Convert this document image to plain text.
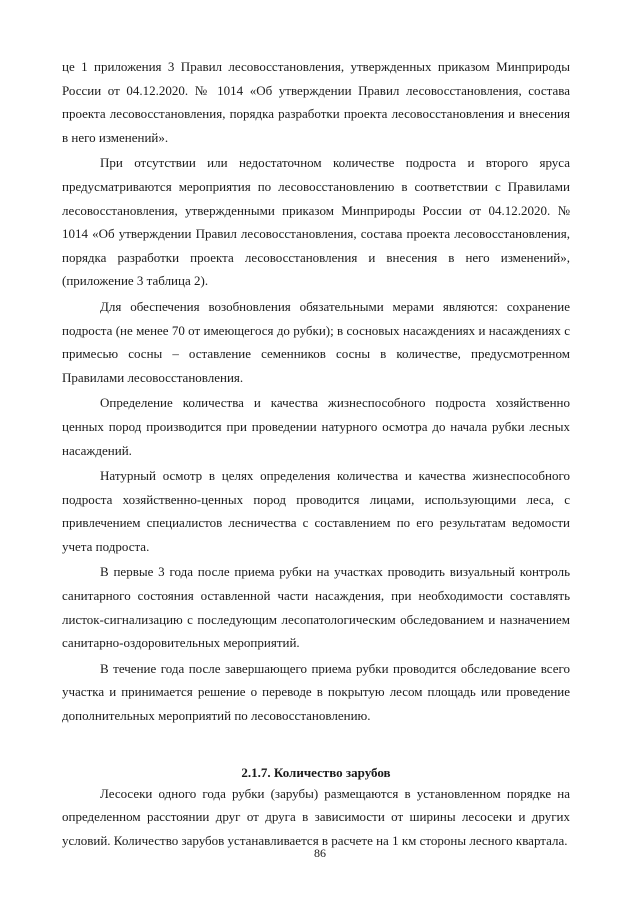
це 1 приложения 3 Правил лесовосстановления, утвержденных приказом Минприроды России от 04.12.2020. № 1014 «Об утверждении Правил лесовосстановления, состава проекта лесовосстановления, порядка разработки проекта лесовосстановления и внесения в него изменений».

При отсутствии или недостаточном количестве подроста и второго яруса предусматриваются мероприятия по лесовосстановлению в соответствии с Правилами лесовосстановления, утвержденными приказом Минприроды России от 04.12.2020. № 1014 «Об утверждении Правил лесовосстановления, состава проекта лесовосстановления, порядка разработки проекта лесовосстановления и внесения в него изменений», (приложение 3 таблица 2).

Для обеспечения возобновления обязательными мерами являются: сохранение подроста (не менее 70 от имеющегося до рубки); в сосновых насаждениях и насаждениях с примесью сосны – оставление семенников сосны в количестве, предусмотренном Правилами лесовосстановления.

Определение количества и качества жизнеспособного подроста хозяйственно ценных пород производится при проведении натурного осмотра до начала рубки лесных насаждений.

Натурный осмотр в целях определения количества и качества жизнеспособного подроста хозяйственно-ценных пород проводится лицами, использующими леса, с привлечением специалистов лесничества с составлением по его результатам ведомости учета подроста.

В первые 3 года после приема рубки на участках проводить визуальный контроль санитарного состояния оставленной части насаждения, при необходимости составлять листок-сигнализацию с последующим лесопатологическим обследованием и назначением санитарно-оздоровительных мероприятий.

В течение года после завершающего приема рубки проводится обследование всего участка и принимается решение о переводе в покрытую лесом площадь или проведение дополнительных мероприятий по лесовосстановлению.

2.1.7. Количество зарубов

Лесосеки одного года рубки (зарубы) размещаются в установленном порядке на определенном расстоянии друг от друга в зависимости от ширины лесосеки и других условий. Количество зарубов устанавливается в расчете на 1 км стороны лесного квартала.

86
